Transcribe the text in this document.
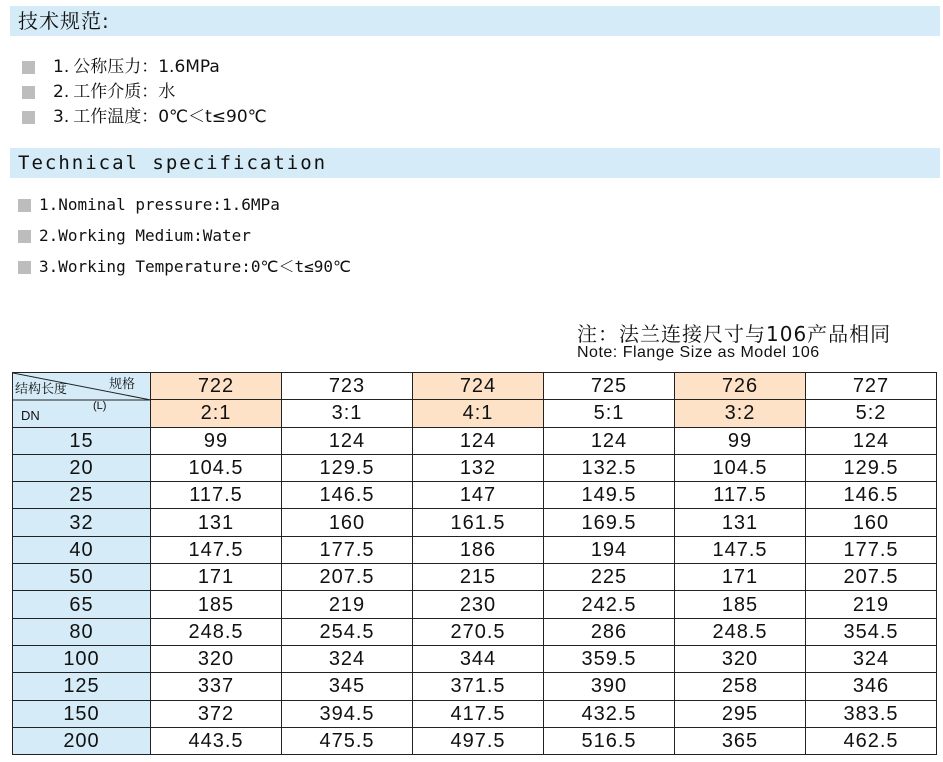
技术规范:
1. 公称压力：1.6MPa
2. 工作介质：水
3. 工作温度：0℃＜t≤90℃
Technical specification
1.Nominal pressure:1.6MPa
2.Working Medium:Water
3.Working Temperature:0℃＜t≤90℃
注：法兰连接尺寸与106产品相同
Note: Flange Size as Model 106
结构长度 规格
(L)
DN	722	723	724	725	726	727
	2:1	3:1	4:1	5:1	3:2	5:2
15	99	124	124	124	99	124
20	104.5	129.5	132	132.5	104.5	129.5
25	117.5	146.5	147	149.5	117.5	146.5
32	131	160	161.5	169.5	131	160
40	147.5	177.5	186	194	147.5	177.5
50	171	207.5	215	225	171	207.5
65	185	219	230	242.5	185	219
80	248.5	254.5	270.5	286	248.5	354.5
100	320	324	344	359.5	320	324
125	337	345	371.5	390	258	346
150	372	394.5	417.5	432.5	295	383.5
200	443.5	475.5	497.5	516.5	365	462.5
